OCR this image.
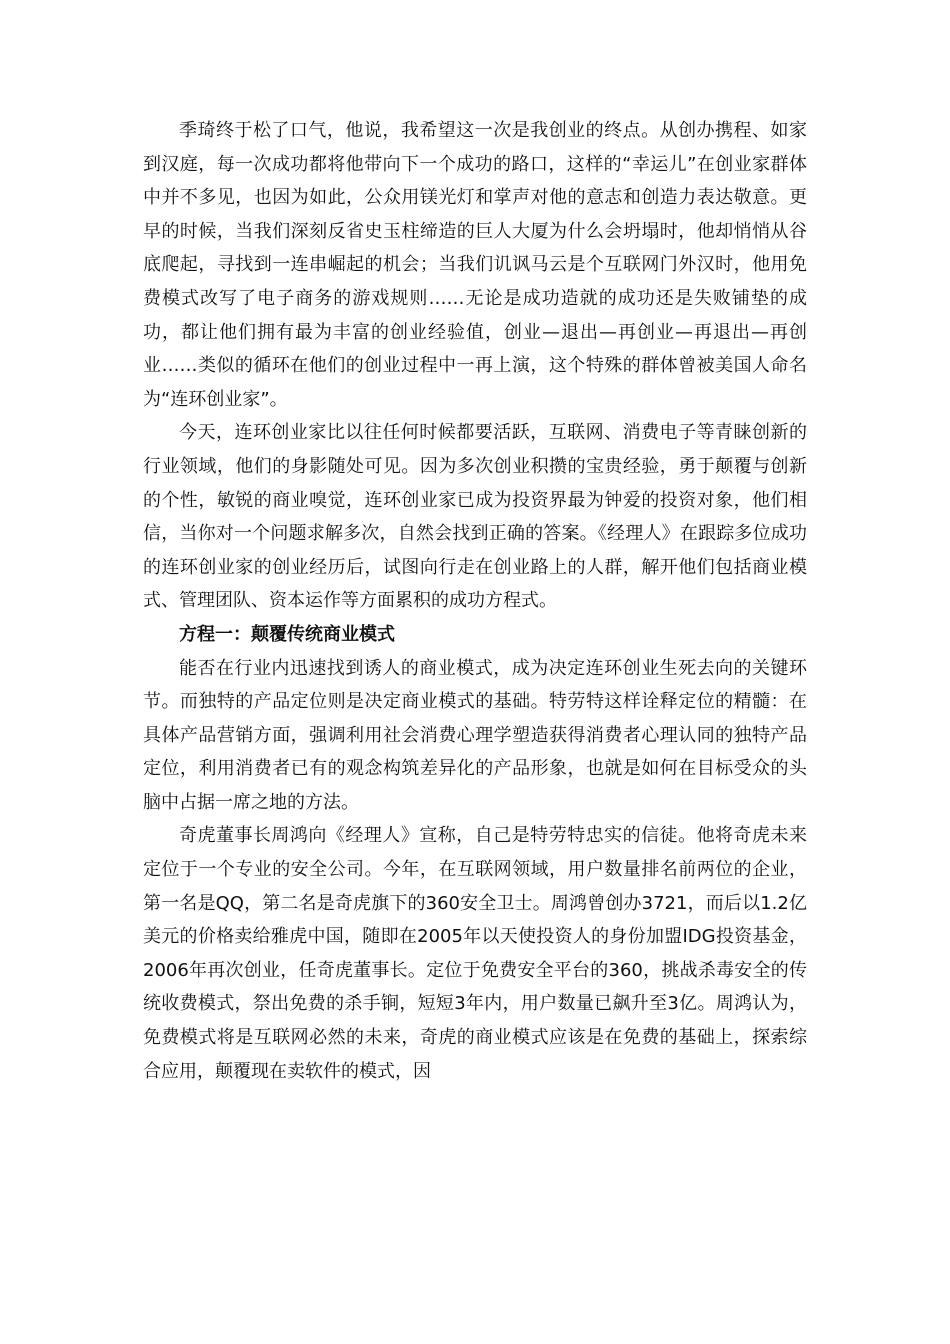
季琦终于松了口气，他说，我希望这一次是我创业的终点。从创办携程、如家到汉庭，每一次成功都将他带向下一个成功的路口，这样的“幸运儿”在创业家群体中并不多见，也因为如此，公众用镁光灯和掌声对他的意志和创造力表达敬意。更早的时候，当我们深刻反省史玉柱缔造的巨人大厦为什么会坍塌时，他却悄悄从谷底爬起，寻找到一连串崛起的机会；当我们讥讽马云是个互联网门外汉时，他用免费模式改写了电子商务的游戏规则……无论是成功造就的成功还是失败铺垫的成功，都让他们拥有最为丰富的创业经验值，创业—退出—再创业—再退出—再创业……类似的循环在他们的创业过程中一再上演，这个特殊的群体曾被美国人命名为“连环创业家”。

今天，连环创业家比以往任何时候都要活跃，互联网、消费电子等青睐创新的行业领域，他们的身影随处可见。因为多次创业积攒的宝贵经验，勇于颠覆与创新的个性，敏锐的商业嗅觉，连环创业家已成为投资界最为钟爱的投资对象，他们相信，当你对一个问题求解多次，自然会找到正确的答案。《经理人》在跟踪多位成功的连环创业家的创业经历后，试图向行走在创业路上的人群，解开他们包括商业模式、管理团队、资本运作等方面累积的成功方程式。

方程一：颠覆传统商业模式

能否在行业内迅速找到诱人的商业模式，成为决定连环创业生死去向的关键环节。而独特的产品定位则是决定商业模式的基础。特劳特这样诠释定位的精髓：在具体产品营销方面，强调利用社会消费心理学塑造获得消费者心理认同的独特产品定位，利用消费者已有的观念构筑差异化的产品形象，也就是如何在目标受众的头脑中占据一席之地的方法。

奇虎董事长周鸿向《经理人》宣称，自己是特劳特忠实的信徒。他将奇虎未来定位于一个专业的安全公司。今年，在互联网领域，用户数量排名前两位的企业，第一名是QQ，第二名是奇虎旗下的360安全卫士。周鸿曾创办3721，而后以1.2亿美元的价格卖给雅虎中国，随即在2005年以天使投资人的身份加盟IDG投资基金，2006年再次创业，任奇虎董事长。定位于免费安全平台的360，挑战杀毒安全的传统收费模式，祭出免费的杀手锏，短短3年内，用户数量已飙升至3亿。周鸿认为，免费模式将是互联网必然的未来，奇虎的商业模式应该是在免费的基础上，探索综合应用，颠覆现在卖软件的模式，因
